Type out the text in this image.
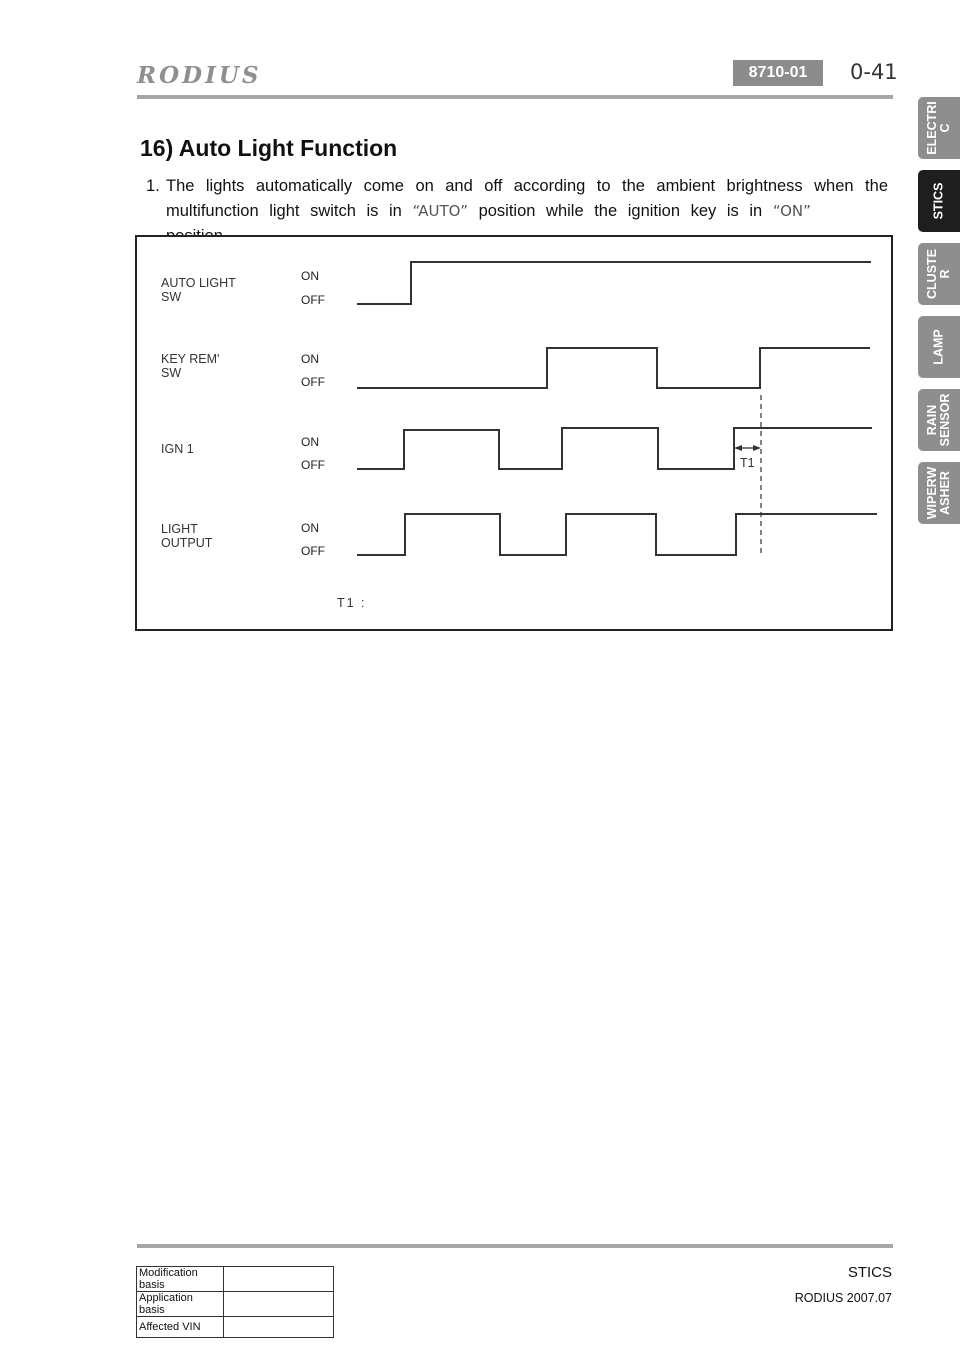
RODIUS	8710-01	0-41
ELECTRI
C
STICS
CLUSTE
R
LAMP
RAIN
SENSOR
WIPERW
ASHER
16) Auto Light Function
1. The lights automatically come on and off according to the ambient brightness when the
multifunction light switch is in “AUTO” position while the ignition key is in “ON”
AUTO LIGHT
SW
KEY REM'
SW
IGN 1
LIGHT
OUTPUT
ON
OFF
ON
OFF
ON
OFF
ON
OFF
T1
T1 :
STICS
RODIUS 2007.07
Modification basis	
Application basis	
Affected VIN	
